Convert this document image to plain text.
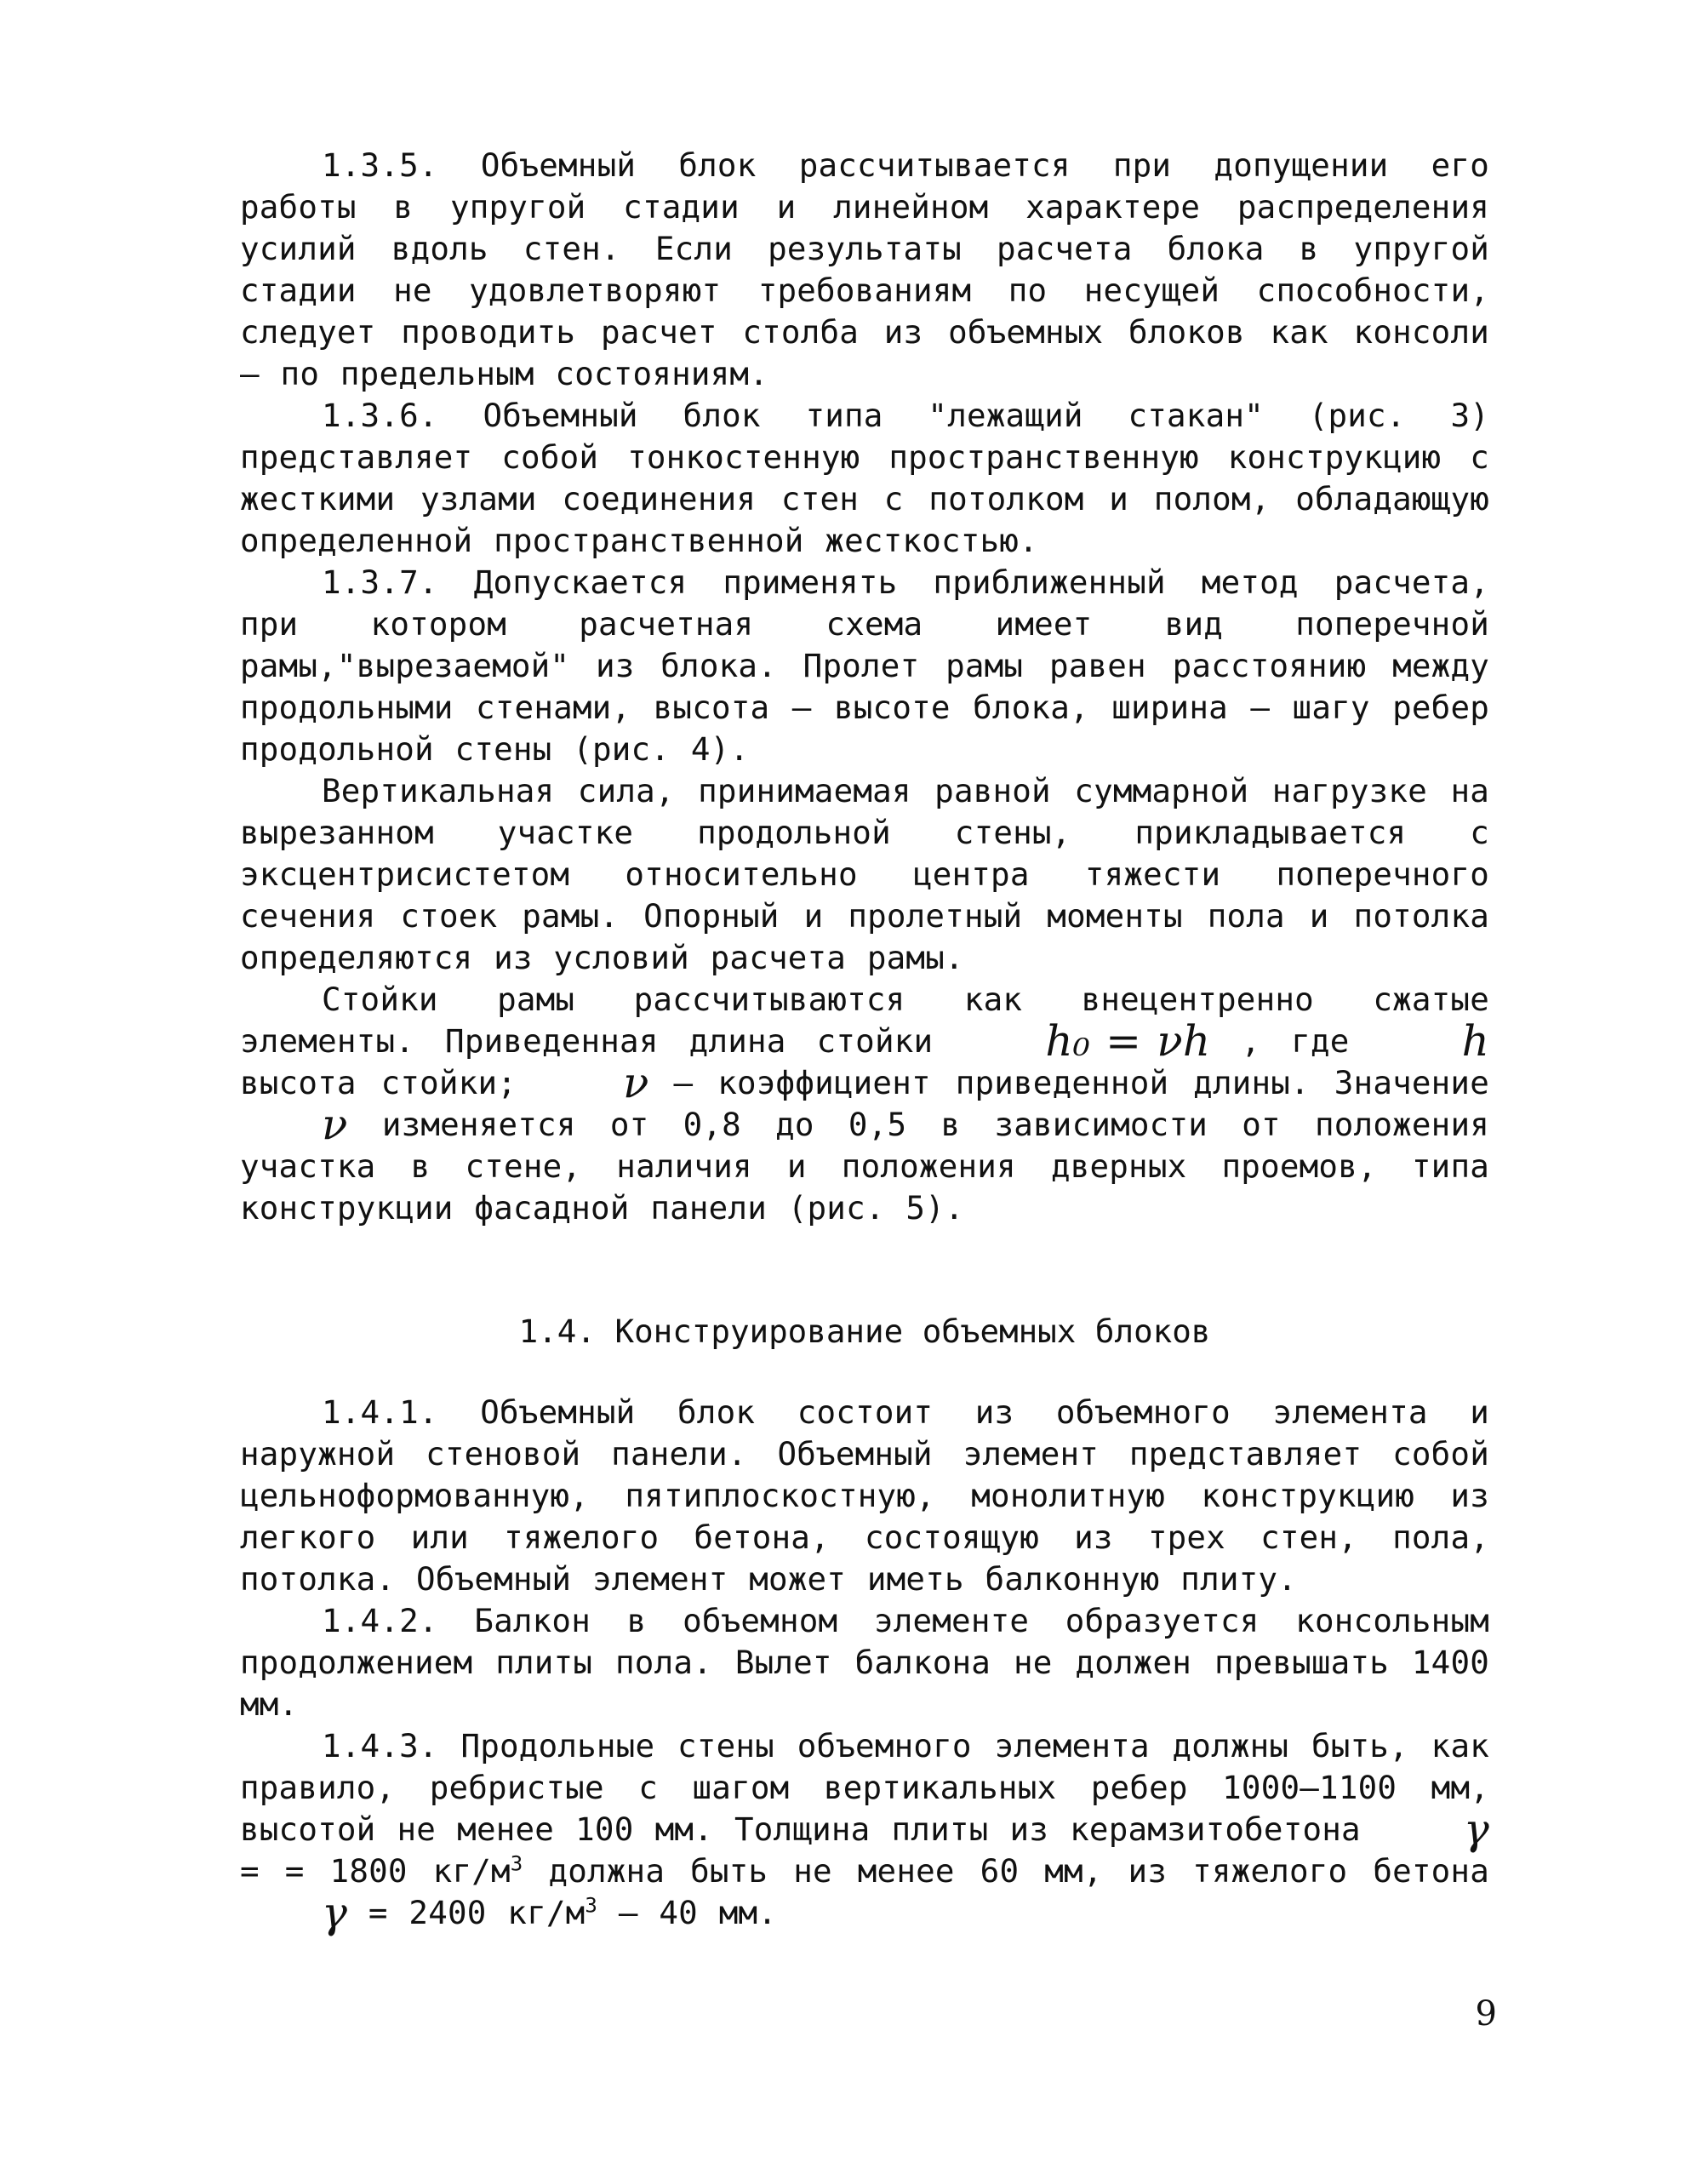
1.3.5. Объемный блок рассчитывается при допущении его работы в упругой стадии и линейном характере распределения усилий вдоль стен. Если результаты расчета блока в упругой стадии не удовлетворяют требованиям по несущей способности, следует проводить расчет столба из объемных блоков как консоли – по предельным состояниям.

1.3.6. Объемный блок типа "лежащий стакан" (рис. 3) представляет собой тонкостенную пространственную конструкцию с жесткими узлами соединения стен с потолком и полом, обладающую определенной пространственной жесткостью.

1.3.7. Допускается применять приближенный метод расчета, при котором расчетная схема имеет вид поперечной рамы,"вырезаемой" из блока. Пролет рамы равен расстоянию между продольными стенами, высота – высоте блока, ширина – шагу ребер продольной стены (рис. 4).

Вертикальная сила, принимаемая равной суммарной нагрузке на вырезанном участке продольной стены, прикладывается с эксцентрисистетом относительно центра тяжести поперечного сечения стоек рамы. Опорный и пролетный моменты пола и потолка определяются из условий расчета рамы.

Стойки рамы рассчитываются как внецентренно сжатые элементы. Приведенная длина стойки h₀ = νh , где h высота стойки; ν – коэффициент приведенной длины. Значение ν изменяется от 0,8 до 0,5 в зависимости от положения участка в стене, наличия и положения дверных проемов, типа конструкции фасадной панели (рис. 5).

1.4. Конструирование объемных блоков

1.4.1. Объемный блок состоит из объемного элемента и наружной стеновой панели. Объемный элемент представляет собой цельноформованную, пятиплоскостную, монолитную конструкцию из легкого или тяжелого бетона, состоящую из трех стен, пола, потолка. Объемный элемент может иметь балконную плиту.

1.4.2. Балкон в объемном элементе образуется консольным продолжением плиты пола. Вылет балкона не должен превышать 1400 мм.

1.4.3. Продольные стены объемного элемента должны быть, как правило, ребристые с шагом вертикальных ребер 1000–1100 мм, высотой не менее 100 мм. Толщина плиты из керамзитобетона γ = = 1800 $кг/м^3$ должна быть не менее 60 мм, из тяжелого бетона γ = 2400 $кг/м^3 - 40$ мм.

9
